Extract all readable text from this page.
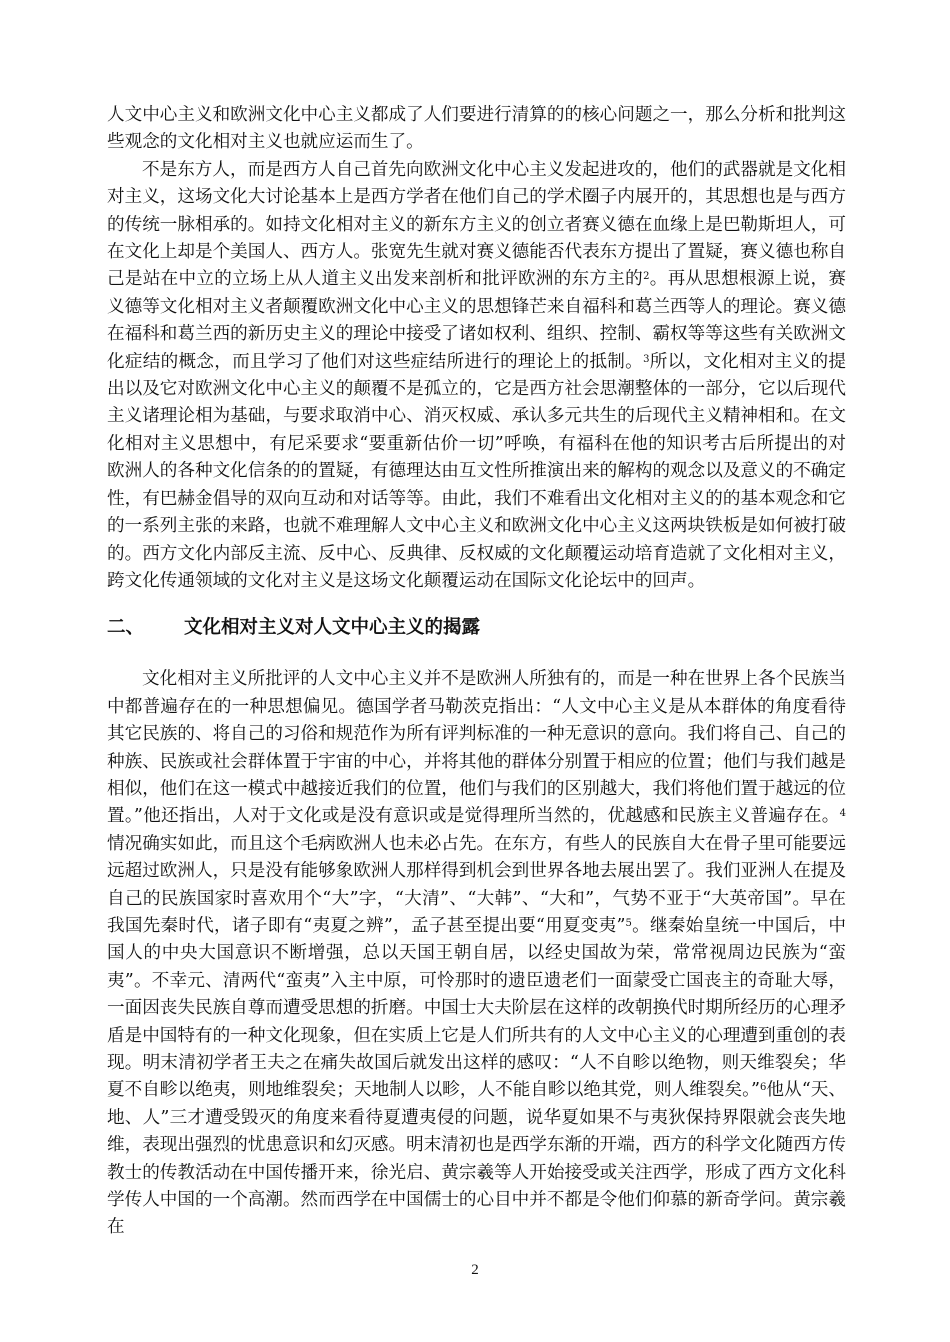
人文中心主义和欧洲文化中心主义都成了人们要进行清算的的核心问题之一，那么分析和批判这些观念的文化相对主义也就应运而生了。

不是东方人，而是西方人自己首先向欧洲文化中心主义发起进攻的，他们的武器就是文化相对主义，这场文化大讨论基本上是西方学者在他们自己的学术圈子内展开的，其思想也是与西方的传统一脉相承的。如持文化相对主义的新东方主义的创立者赛义德在血缘上是巴勒斯坦人，可在文化上却是个美国人、西方人。张宽先生就对赛义德能否代表东方提出了置疑，赛义德也称自己是站在中立的立场上从人道主义出发来剖析和批评欧洲的东方主的$^2$。再从思想根源上说，赛义德等文化相对主义者颠覆欧洲文化中心主义的思想锋芒来自福科和葛兰西等人的理论。赛义德在福科和葛兰西的新历史主义的理论中接受了诸如权利、组织、控制、霸权等等这些有关欧洲文化症结的概念，而且学习了他们对这些症结所进行的理论上的抵制。$^3$所以，文化相对主义的提出以及它对欧洲文化中心主义的颠覆不是孤立的，它是西方社会思潮整体的一部分，它以后现代主义诸理论相为基础，与要求取消中心、消灭权威、承认多元共生的后现代主义精神相和。在文化相对主义思想中，有尼采要求“要重新估价一切”呼唤，有福科在他的知识考古后所提出的对欧洲人的各种文化信条的的置疑，有德理达由互文性所推演出来的解构的观念以及意义的不确定性，有巴赫金倡导的双向互动和对话等等。由此，我们不难看出文化相对主义的的基本观念和它的一系列主张的来路，也就不难理解人文中心主义和欧洲文化中心主义这两块铁板是如何被打破的。西方文化内部反主流、反中心、反典律、反权威的文化颠覆运动培育造就了文化相对主义，跨文化传通领域的文化对主义是这场文化颠覆运动在国际文化论坛中的回声。

二、	文化相对主义对人文中心主义的揭露

文化相对主义所批评的人文中心主义并不是欧洲人所独有的，而是一种在世界上各个民族当中都普遍存在的一种思想偏见。德国学者马勒茨克指出：“人文中心主义是从本群体的角度看待其它民族的、将自己的习俗和规范作为所有评判标准的一种无意识的意向。我们将自己、自己的种族、民族或社会群体置于宇宙的中心，并将其他的群体分别置于相应的位置；他们与我们越是相似，他们在这一模式中越接近我们的位置，他们与我们的区别越大，我们将他们置于越远的位置。”他还指出，人对于文化或是没有意识或是觉得理所当然的，优越感和民族主义普遍存在。$^4$情况确实如此，而且这个毛病欧洲人也未必占先。在东方，有些人的民族自大在骨子里可能要远远超过欧洲人，只是没有能够象欧洲人那样得到机会到世界各地去展出罢了。我们亚洲人在提及自己的民族国家时喜欢用个“大”字，“大清”、“大韩”、“大和”，气势不亚于“大英帝国”。早在我国先秦时代，诸子即有“夷夏之辨”，孟子甚至提出要“用夏变夷”$^5$。继秦始皇统一中国后，中国人的中央大国意识不断增强，总以天国王朝自居，以经史国故为荣，常常视周边民族为“蛮夷”。不幸元、清两代“蛮夷”入主中原，可怜那时的遗臣遗老们一面蒙受亡国丧主的奇耻大辱，一面因丧失民族自尊而遭受思想的折磨。中国士大夫阶层在这样的改朝换代时期所经历的心理矛盾是中国特有的一种文化现象，但在实质上它是人们所共有的人文中心主义的心理遭到重创的表现。明末清初学者王夫之在痛失故国后就发出这样的感叹：“人不自畛以绝物，则天维裂矣；华夏不自畛以绝夷，则地维裂矣；天地制人以畛，人不能自畛以绝其党，则人维裂矣。”$^6$他从“天、地、人”三才遭受毁灭的角度来看待夏遭夷侵的问题，说华夏如果不与夷狄保持界限就会丧失地维，表现出强烈的忧患意识和幻灭感。明末清初也是西学东渐的开端，西方的科学文化随西方传教士的传教活动在中国传播开来，徐光启、黄宗羲等人开始接受或关注西学，形成了西方文化科学传人中国的一个高潮。然而西学在中国儒士的心目中并不都是令他们仰慕的新奇学问。黄宗羲在

2
